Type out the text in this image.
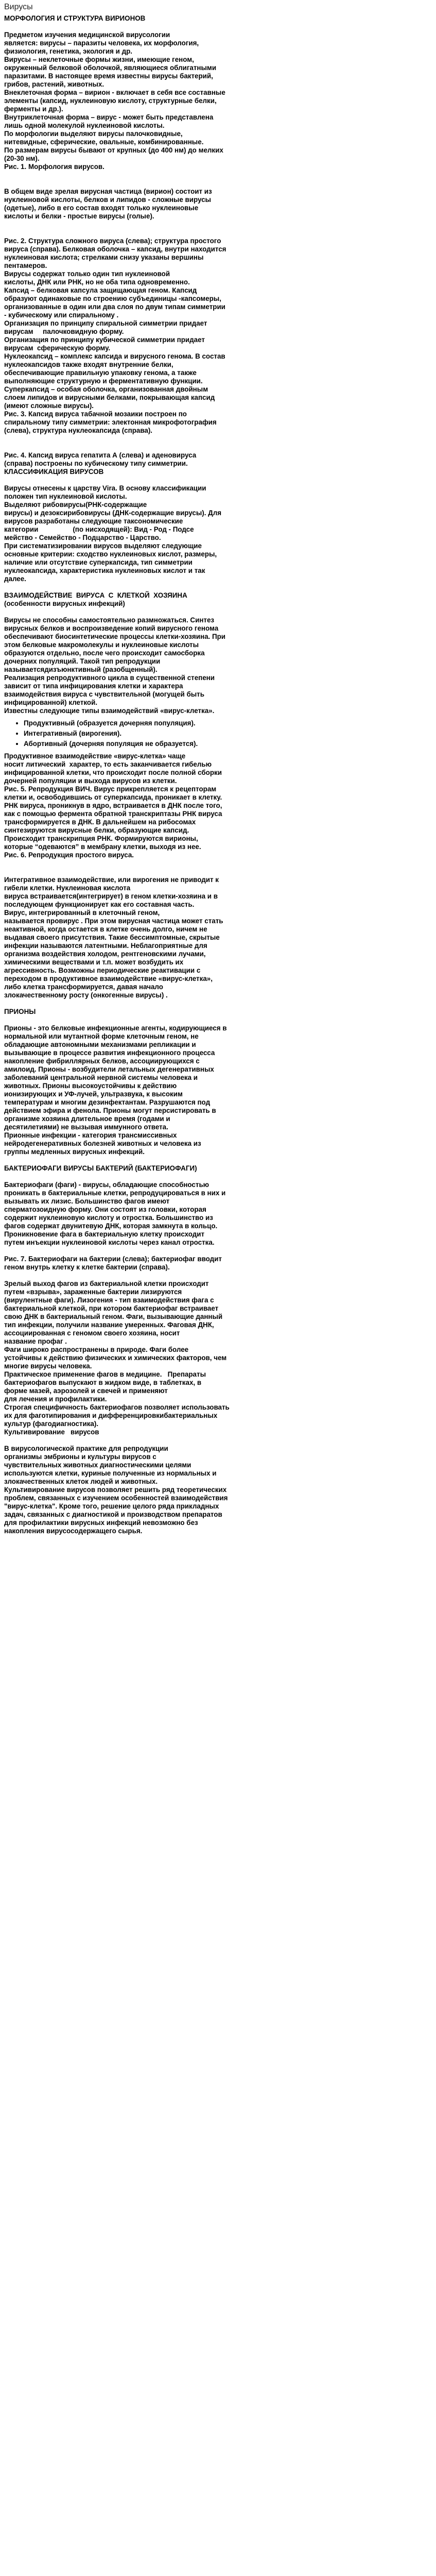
Вирусы
МОРФОЛОГИЯ И СТРУКТУРА ВИРИОНОВ

Предметом изучения медицинской вирусологии
является: вирусы – паразиты человека, их морфология,
физиология, генетика, экология и др.
Вирусы – неклеточные формы жизни, имеющие геном,
окруженный белковой оболочкой, являющиеся облигатными
паразитами. В настоящее время известны вирусы бактерий,
грибов, растений, животных.
Внеклеточная форма – вирион - включает в себя все составные
элементы (капсид, нуклеиновую кислоту, структурные белки,
ферменты и др.).
Внутриклеточная форма – вирус - может быть представлена
лишь одной молекулой нуклеиновой кислоты.
По морфологии выделяют вирусы палочковидные,
нитевидные, сферические, овальные, комбинированные.
По размерам вирусы бывают от крупных (до 400 нм) до мелких
(20-30 нм).
Рис. 1. Морфология вирусов.

В общем виде зрелая вирусная частица (вирион) состоит из
нуклеиновой кислоты, белков и липидов - сложные вирусы
(одетые), либо в его состав входят только нуклеиновые
кислоты и белки - простые вирусы (голые).

Рис. 2. Структура сложного вируса (слева); структура простого
вируса (справа). Белковая оболочка – капсид, внутри находится
нуклеиновая кислота; стрелками снизу указаны вершины
пентамеров.
Вирусы содержат только один тип нуклеиновой
кислоты, ДНК или РНК, но не оба типа одновременно.
Капсид – белковая капсула защищающая геном. Капсид
образуют одинаковые по строению субъединицы -капсомеры,
организованные в один или два слоя по двум типам симметрии
- кубическому или спиральному .
Организация по принципу спиральной симметрии придает
вирусам     палочковидную форму.
Организация по принципу кубической симметрии придает
вирусам  сферическую форму.
Нуклеокапсид – комплекс капсида и вирусного генома. В состав
нуклеокапсидов также входят внутренние белки,
обеспечивающие правильную упаковку генома, а также
выполняющие структурную и ферментативную функции.
Суперкапсид – особая оболочка, организованная двойным
слоем липидов и вирусными белками, покрывающая капсид
(имеют сложные вирусы).
Рис. 3. Капсид вируса табачной мозаики построен по
спиральному типу симметрии: электонная микрофотография
(слева), структура нуклеокапсида (справа).

Рис. 4. Капсид вируса гепатита А (слева) и аденовируса
(справа) построены по кубическому типу симметрии.

КЛАССИФИКАЦИЯ ВИРУСОВ

Вирусы отнесены к царству Vira. В основу классификации
положен тип нуклеиновой кислоты.
Выделяют рибовирусы(РНК-содержащие
вирусы) и дезоксирибовирусы (ДНК-содержащие вирусы). Для
вирусов разработаны следующие таксономические
категории                  (по нисходящей): Вид - Род - Подсе
мейство - Семейство - Подцарство - Царство.
При систематизировании вирусов выделяют следующие
основные критерии: сходство нуклеиновых кислот, размеры,
наличие или отсутствие суперкапсида, тип симметрии
нуклеокапсида, характеристика нуклеиновых кислот и так
далее.

ВЗАИМОДЕЙСТВИЕ  ВИРУСА  С  КЛЕТКОЙ  ХОЗЯИНА
(особенности вирусных инфекций)

Вирусы не способны самостоятельно размножаться. Синтез
вирусных белков и воспроизведение копий вирусного генома
обеспечивают биосинтетические процессы клетки-хозяина. При
этом белковые макромолекулы и нуклеиновые кислоты
образуются отдельно, после чего происходит самосборка
дочерних популяций. Такой тип репродукции
называетсядизъюнктивный (разобщенный).
Реализация репродуктивного цикла в существенной степени
зависит от типа инфицирования клетки и характера
взаимодействия вируса с чувствительной (могущей быть
инфицированной) клеткой.
Известны следующие типы взаимодействий «вирус-клетка».

• Продуктивный (образуется дочерняя популяция).
• Интегративный (вирогения).
• Абортивный (дочерняя популяция не образуется).

Продуктивное взаимодействие «вирус-клетка» чаще
носит литический  характер, то есть заканчивается гибелью
инфицированной клетки, что происходит после полной сборки
дочерней популяции и выхода вирусов из клетки.
Рис. 5. Репродукция ВИЧ. Вирус прикрепляется к рецепторам
клетки и, освободившись от суперкапсида, проникает в клетку.
РНК вируса, проникнув в ядро, встраивается в ДНК после того,
как с помощью фермента обратной транскриптазы РНК вируса
трансформируется в ДНК. В дальнейшем на рибосомах
синтезируются вирусные белки, образующие капсид.
Происходит транскрипция РНК. Формируются вирионы,
которые “одеваются” в мембрану клетки, выходя из нее.
Рис. 6. Репродукция простого вируса.

Интегративное взаимодействие, или вирогения не приводит к
гибели клетки. Нуклеиновая кислота
вируса встраивается(интегрирует) в геном клетки-хозяина и в
последующем функционирует как его составная часть.
Вирус, интегрированный в клеточный геном,
называется провирус . При этом вирусная частица может стать
неактивной, когда остается в клетке очень долго, ничем не
выдавая своего присутствия. Такие бессимптомные, скрытые
инфекции называются латентными. Неблагоприятные для
организма воздействия холодом, рентгеновскими лучами,
химическими веществами и т.п. может возбудить их
агрессивность. Возможны периодические реактивации с
переходом в продуктивное взаимодействие «вирус-клетка»,
либо клетка трансформируется, давая начало
злокачественному росту (онкогенные вирусы) .

ПРИОНЫ

Прионы - это белковые инфекционные агенты, кодирующиеся в
нормальной или мутантной форме клеточным геном, не
обладающие автономными механизмами репликации и
вызывающие в процессе развития инфекционного процесса
накопление фибриллярных белков, ассоциирующихся с
амилоид. Прионы - возбудители летальных дегенеративных
заболеваний центральной нервной системы человека и
животных. Прионы высокоустойчивы к действию
ионизирующих и УФ-лучей, ультразвука, к высоким
температурам и многим дезинфектантам. Разрушаются под
действием эфира и фенола. Прионы могут персистировать в
организме хозяина длительное время (годами и
десятилетиями) не вызывая иммунного ответа.
Прионные инфекции - категория трансмиссивных
нейродегенеративных болезней животных и человека из
группы медленных вирусных инфекций.

БАКТЕРИОФАГИ ВИРУСЫ БАКТЕРИЙ (БАКТЕРИОФАГИ)

Бактериофаги (фаги) - вирусы, обладающие способностью
проникать в бактериальные клетки, репродуцироваться в них и
вызывать их лизис. Большинство фагов имеют
сперматозоидную форму. Они состоят из головки, которая
содержит нуклеиновую кислоту и отростка. Большинство из
фагов содержат двунитевую ДНК, которая замкнута в кольцо.
Проникновение фага в бактериальную клетку происходит
путем инъекции нуклеиновой кислоты через канал отростка.

Рис. 7. Бактериофаги на бактерии (слева); бактериофаг вводит
геном внутрь клетку к клетке бактерии (справа).

Зрелый выход фагов из бактериальной клетки происходит
путем «взрыва», зараженные бактерии лизируются
(вирулентные фаги). Лизогения - тип взаимодействия фага с
бактериальной клеткой, при котором бактериофаг встраивает
свою ДНК в бактериальный геном. Фаги, вызывающие данный
тип инфекции, получили название умеренных. Фаговая ДНК,
ассоциированная с геномом своего хозяина, носит
название профаг .
Фаги широко распространены в природе. Фаги более
устойчивы к действию физических и химических факторов, чем
многие вирусы человека.
Практическое применение фагов в медицине.   Препараты
бактериофагов выпускают в жидком виде, в таблетках, в
форме мазей, аэрозолей и свечей и применяют
для лечения и профилактики.
Строгая специфичность бактериофагов позволяет использовать
их для фаготипирования и дифференцировкибактериальных
культур (фагодиагностика).
Культивирование   вирусов

В вирусологической практике для репродукции
организмы эмбрионы и культуры вирусов с
чувствительных животных диагностическими целями
используются клетки, куриные полученные из нормальных и
злокачественных клеток людей и животных.
Культивирование вирусов позволяет решить ряд теоретических
проблем, связанных с изучением особенностей взаимодействия
"вирус-клетка". Кроме того, решение целого ряда прикладных
задач, связанных с диагностикой и производством препаратов
для профилактики вирусных инфекций невозможно без
накопления вирусосодержащего сырья.
